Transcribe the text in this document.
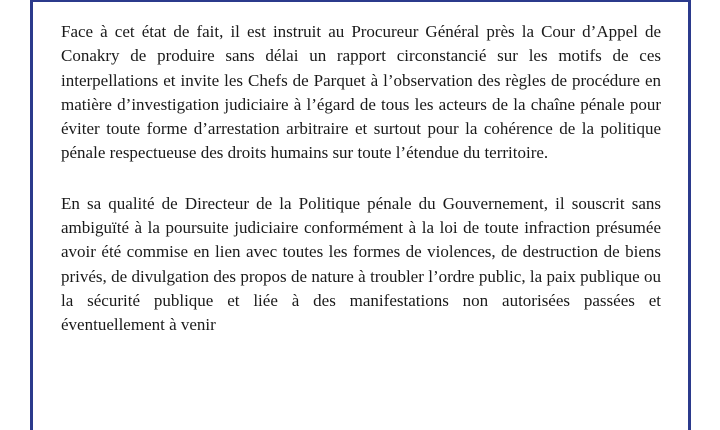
Face à cet état de fait, il est instruit au Procureur Général près la Cour d’Appel de Conakry de produire sans délai un rapport circonstancié sur les motifs de ces interpellations et invite les Chefs de Parquet à l’observation des règles de procédure en matière d’investigation judiciaire à l’égard de tous les acteurs de la chaîne pénale pour éviter toute forme d’arrestation arbitraire et surtout pour la cohérence de la politique pénale respectueuse des droits humains sur toute l’étendue du territoire.

En sa qualité de Directeur de la Politique pénale du Gouvernement, il souscrit sans ambiguïté à la poursuite judiciaire conformément à la loi de toute infraction présumée avoir été commise en lien avec toutes les formes de violences, de destruction de biens privés, de divulgation des propos de nature à troubler l’ordre public, la paix publique ou la sécurité publique et liée à des manifestations non autorisées passées et éventuellement à venir
